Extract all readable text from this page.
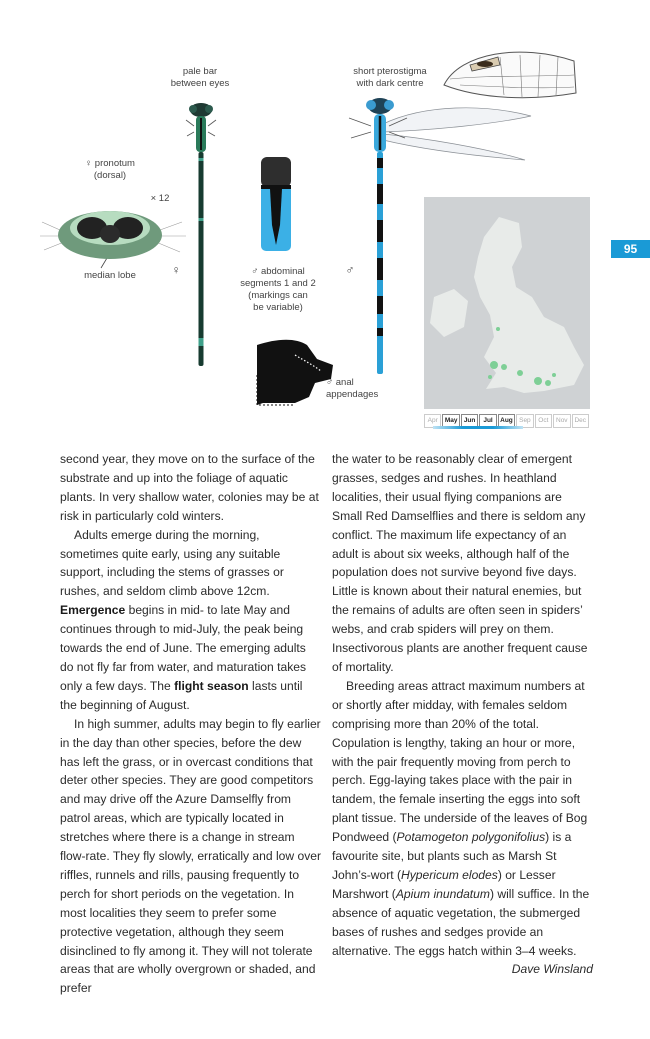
95
pale bar
between eyes
short pterostigma
with dark centre
♀ pronotum
(dorsal)
× 12
median lobe	♀	♂ abdominal
segments 1 and 2
(markings can
be variable)
♂
♂ anal
appendages
Apr	May Jun	Jul	Aug Sep	Oct	Nov	Dec

second year, they move on to the surface of the substrate and up into the foliage of aquatic plants. In very shallow water, colonies may be at risk in particularly cold winters.

Adults emerge during the morning, sometimes quite early, using any suitable support, including the stems of grasses or rushes, and seldom climb above 12cm. Emergence begins in mid- to late May and continues through to mid-July, the peak being towards the end of June. The emerging adults do not fly far from water, and maturation takes only a few days. The flight season lasts until the beginning of August.

In high summer, adults may begin to fly earlier in the day than other species, before the dew has left the grass, or in overcast conditions that deter other species. They are good competitors and may drive off the Azure Damselfly from patrol areas, which are typically located in stretches where there is a change in stream flow-rate. They fly slowly, erratically and low over riffles, runnels and rills, pausing frequently to perch for short periods on the vegetation. In most localities they seem to prefer some protective vegetation, although they seem disinclined to fly among it. They will not tolerate areas that are wholly overgrown or shaded, and prefer

the water to be reasonably clear of emergent grasses, sedges and rushes. In heathland localities, their usual flying companions are Small Red Damselflies and there is seldom any conflict. The maximum life expectancy of an adult is about six weeks, although half of the population does not survive beyond five days. Little is known about their natural enemies, but the remains of adults are often seen in spiders’ webs, and crab spiders will prey on them. Insectivorous plants are another frequent cause of mortality.

Breeding areas attract maximum numbers at or shortly after midday, with females seldom comprising more than 20% of the total. Copulation is lengthy, taking an hour or more, with the pair frequently moving from perch to perch. Egg-laying takes place with the pair in tandem, the female inserting the eggs into soft plant tissue. The underside of the leaves of Bog Pondweed (Potamogeton polygonifolius) is a favourite site, but plants such as Marsh St John’s-wort (Hypericum elodes) or Lesser Marshwort (Apium inundatum) will suffice. In the absence of aquatic vegetation, the submerged bases of rushes and sedges provide an alternative. The eggs hatch within 3–4 weeks.

Dave Winsland
